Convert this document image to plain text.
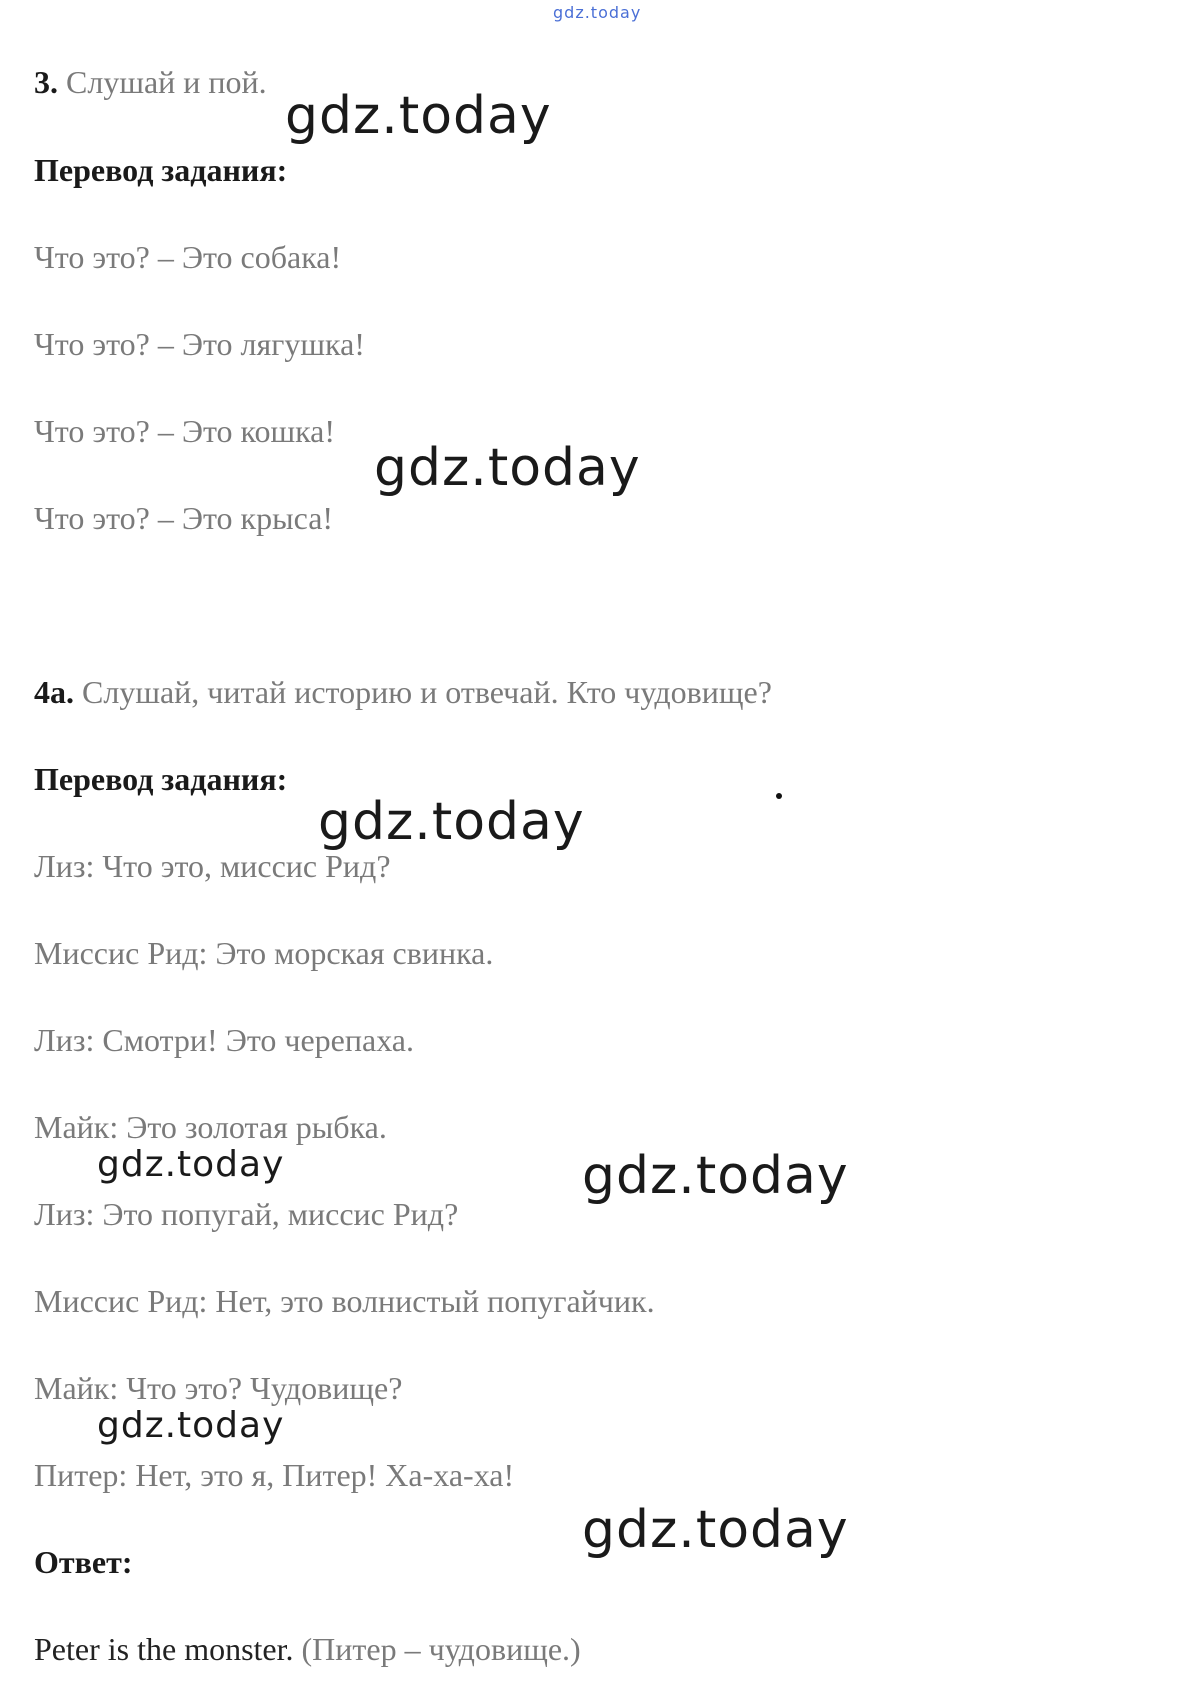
gdz.today

3. Слушай и пой.

Перевод задания:

Что это? – Это собака!

Что это? – Это лягушка!

Что это? – Это кошка!

Что это? – Это крыса!

4a. Слушай, читай историю и отвечай. Кто чудовище?

Перевод задания:

Лиз: Что это, миссис Рид?

Миссис Рид: Это морская свинка.

Лиз: Смотри! Это черепаха.

Майк: Это золотая рыбка.

Лиз: Это попугай, миссис Рид?

Миссис Рид: Нет, это волнистый попугайчик.

Майк: Что это? Чудовище?

Питер: Нет, это я, Питер! Ха-ха-ха!

Ответ:

Peter is the monster. (Питер – чудовище.)

gdz.today
gdz.today
gdz.today
gdz.today	gdz.today
gdz.today
gdz.today
